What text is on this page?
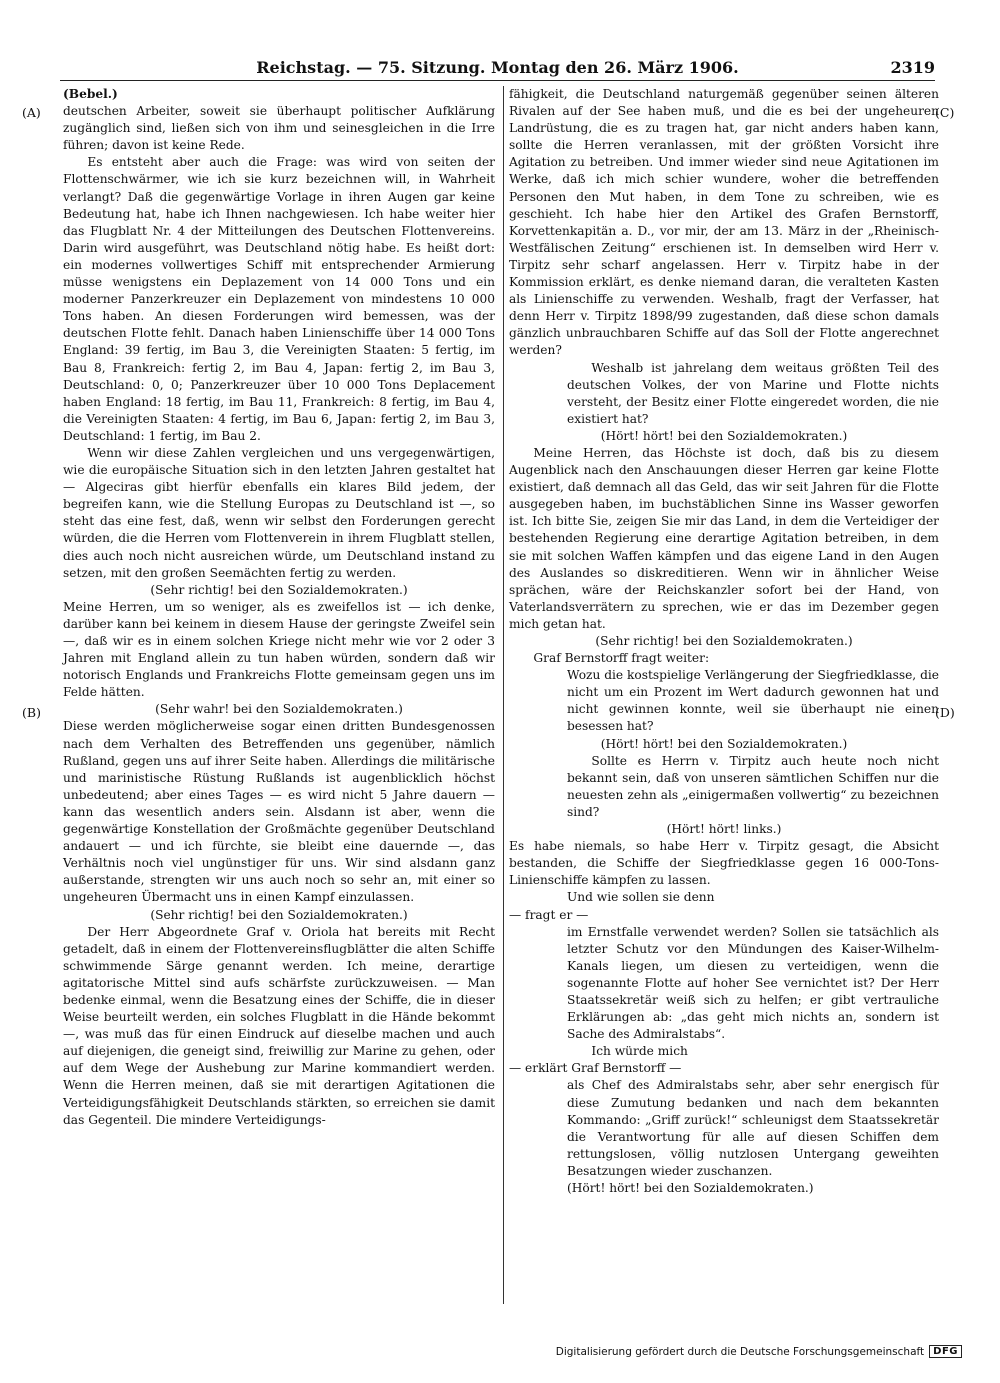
Reichstag. — 75. Sitzung. Montag den 26. März 1906.	2319
(A)
(B)
(C)
(D)

(Bebel.)

deutschen Arbeiter, soweit sie überhaupt politischer Aufklärung zugänglich sind, ließen sich von ihm und seinesgleichen in die Irre führen; davon ist keine Rede.

Es entsteht aber auch die Frage: was wird von seiten der Flottenschwärmer, wie ich sie kurz bezeichnen will, in Wahrheit verlangt? Daß die gegenwärtige Vorlage in ihren Augen gar keine Bedeutung hat, habe ich Ihnen nachgewiesen. Ich habe weiter hier das Flugblatt Nr. 4 der Mitteilungen des Deutschen Flottenvereins. Darin wird ausgeführt, was Deutschland nötig habe. Es heißt dort: ein modernes vollwertiges Schiff mit entsprechender Armierung müsse wenigstens ein Deplazement von 14 000 Tons und ein moderner Panzerkreuzer ein Deplazement von mindestens 10 000 Tons haben. An diesen Forderungen wird bemessen, was der deutschen Flotte fehlt. Danach haben Linienschiffe über 14 000 Tons England: 39 fertig, im Bau 3, die Vereinigten Staaten: 5 fertig, im Bau 8, Frankreich: fertig 2, im Bau 4, Japan: fertig 2, im Bau 3, Deutschland: 0, 0; Panzerkreuzer über 10 000 Tons Deplacement haben England: 18 fertig, im Bau 11, Frankreich: 8 fertig, im Bau 4, die Vereinigten Staaten: 4 fertig, im Bau 6, Japan: fertig 2, im Bau 3, Deutschland: 1 fertig, im Bau 2.

Wenn wir diese Zahlen vergleichen und uns vergegenwärtigen, wie die europäische Situation sich in den letzten Jahren gestaltet hat — Algeciras gibt hierfür ebenfalls ein klares Bild jedem, der begreifen kann, wie die Stellung Europas zu Deutschland ist —, so steht das eine fest, daß, wenn wir selbst den Forderungen gerecht würden, die die Herren vom Flottenverein in ihrem Flugblatt stellen, dies auch noch nicht ausreichen würde, um Deutschland instand zu setzen, mit den großen Seemächten fertig zu werden.

(Sehr richtig! bei den Sozialdemokraten.)

Meine Herren, um so weniger, als es zweifellos ist — ich denke, darüber kann bei keinem in diesem Hause der geringste Zweifel sein —, daß wir es in einem solchen Kriege nicht mehr wie vor 2 oder 3 Jahren mit England allein zu tun haben würden, sondern daß wir notorisch Englands und Frankreichs Flotte gemeinsam gegen uns im Felde hätten.

(Sehr wahr! bei den Sozialdemokraten.)

Diese werden möglicherweise sogar einen dritten Bundesgenossen nach dem Verhalten des Betreffenden uns gegenüber, nämlich Rußland, gegen uns auf ihrer Seite haben. Allerdings die militärische und marinistische Rüstung Rußlands ist augenblicklich höchst unbedeutend; aber eines Tages — es wird nicht 5 Jahre dauern — kann das wesentlich anders sein. Alsdann ist aber, wenn die gegenwärtige Konstellation der Großmächte gegenüber Deutschland andauert — und ich fürchte, sie bleibt eine dauernde —, das Verhältnis noch viel ungünstiger für uns. Wir sind alsdann ganz außerstande, strengten wir uns auch noch so sehr an, mit einer so ungeheuren Übermacht uns in einen Kampf einzulassen.

(Sehr richtig! bei den Sozialdemokraten.)

Der Herr Abgeordnete Graf v. Oriola hat bereits mit Recht getadelt, daß in einem der Flottenvereinsflugblätter die alten Schiffe schwimmende Särge genannt werden. Ich meine, derartige agitatorische Mittel sind aufs schärfste zurückzuweisen. — Man bedenke einmal, wenn die Besatzung eines der Schiffe, die in dieser Weise beurteilt werden, ein solches Flugblatt in die Hände bekommt —, was muß das für einen Eindruck auf dieselbe machen und auch auf diejenigen, die geneigt sind, freiwillig zur Marine zu gehen, oder auf dem Wege der Aushebung zur Marine kommandiert werden. Wenn die Herren meinen, daß sie mit derartigen Agitationen die Verteidigungsfähigkeit Deutschlands stärkten, so erreichen sie damit das Gegenteil. Die mindere Verteidigungs-

fähigkeit, die Deutschland naturgemäß gegenüber seinen älteren Rivalen auf der See haben muß, und die es bei der ungeheuren Landrüstung, die es zu tragen hat, gar nicht anders haben kann, sollte die Herren veranlassen, mit der größten Vorsicht ihre Agitation zu betreiben. Und immer wieder sind neue Agitationen im Werke, daß ich mich schier wundere, woher die betreffenden Personen den Mut haben, in dem Tone zu schreiben, wie es geschieht. Ich habe hier den Artikel des Grafen Bernstorff, Korvettenkapitän a. D., vor mir, der am 13. März in der „Rheinisch-Westfälischen Zeitung“ erschienen ist. In demselben wird Herr v. Tirpitz sehr scharf angelassen. Herr v. Tirpitz habe in der Kommission erklärt, es denke niemand daran, die veralteten Kasten als Linienschiffe zu verwenden. Weshalb, fragt der Verfasser, hat denn Herr v. Tirpitz 1898/99 zugestanden, daß diese schon damals gänzlich unbrauchbaren Schiffe auf das Soll der Flotte angerechnet werden?

Weshalb ist jahrelang dem weitaus größten Teil des deutschen Volkes, der von Marine und Flotte nichts versteht, der Besitz einer Flotte eingeredet worden, die nie existiert hat?

(Hört! hört! bei den Sozialdemokraten.)

Meine Herren, das Höchste ist doch, daß bis zu diesem Augenblick nach den Anschauungen dieser Herren gar keine Flotte existiert, daß demnach all das Geld, das wir seit Jahren für die Flotte ausgegeben haben, im buchstäblichen Sinne ins Wasser geworfen ist. Ich bitte Sie, zeigen Sie mir das Land, in dem die Verteidiger der bestehenden Regierung eine derartige Agitation betreiben, in dem sie mit solchen Waffen kämpfen und das eigene Land in den Augen des Auslandes so diskreditieren. Wenn wir in ähnlicher Weise sprächen, wäre der Reichskanzler sofort bei der Hand, von Vaterlandsverrätern zu sprechen, wie er das im Dezember gegen mich getan hat.

(Sehr richtig! bei den Sozialdemokraten.)

Graf Bernstorff fragt weiter:

Wozu die kostspielige Verlängerung der Siegfriedklasse, die nicht um ein Prozent im Wert dadurch gewonnen hat und nicht gewinnen konnte, weil sie überhaupt nie einen besessen hat?

(Hört! hört! bei den Sozialdemokraten.)

Sollte es Herrn v. Tirpitz auch heute noch nicht bekannt sein, daß von unseren sämtlichen Schiffen nur die neuesten zehn als „einigermaßen vollwertig“ zu bezeichnen sind?

(Hört! hört! links.)

Es habe niemals, so habe Herr v. Tirpitz gesagt, die Absicht bestanden, die Schiffe der Siegfriedklasse gegen 16 000-Tons-Linienschiffe kämpfen zu lassen.

Und wie sollen sie denn

— fragt er —

im Ernstfalle verwendet werden? Sollen sie tatsächlich als letzter Schutz vor den Mündungen des Kaiser-Wilhelm-Kanals liegen, um diesen zu verteidigen, wenn die sogenannte Flotte auf hoher See vernichtet ist? Der Herr Staatssekretär weiß sich zu helfen; er gibt vertrauliche Erklärungen ab: „das geht mich nichts an, sondern ist Sache des Admiralstabs“.

Ich würde mich

— erklärt Graf Bernstorff —

als Chef des Admiralstabs sehr, aber sehr energisch für diese Zumutung bedanken und nach dem bekannten Kommando: „Griff zurück!“ schleunigst dem Staatssekretär die Verantwortung für alle auf diesen Schiffen dem rettungslosen, völlig nutzlosen Untergang geweihten Besatzungen wieder zuschanzen.

(Hört! hört! bei den Sozialdemokraten.)

Digitalisierung gefördert durch die Deutsche Forschungsgemeinschaft DFG
